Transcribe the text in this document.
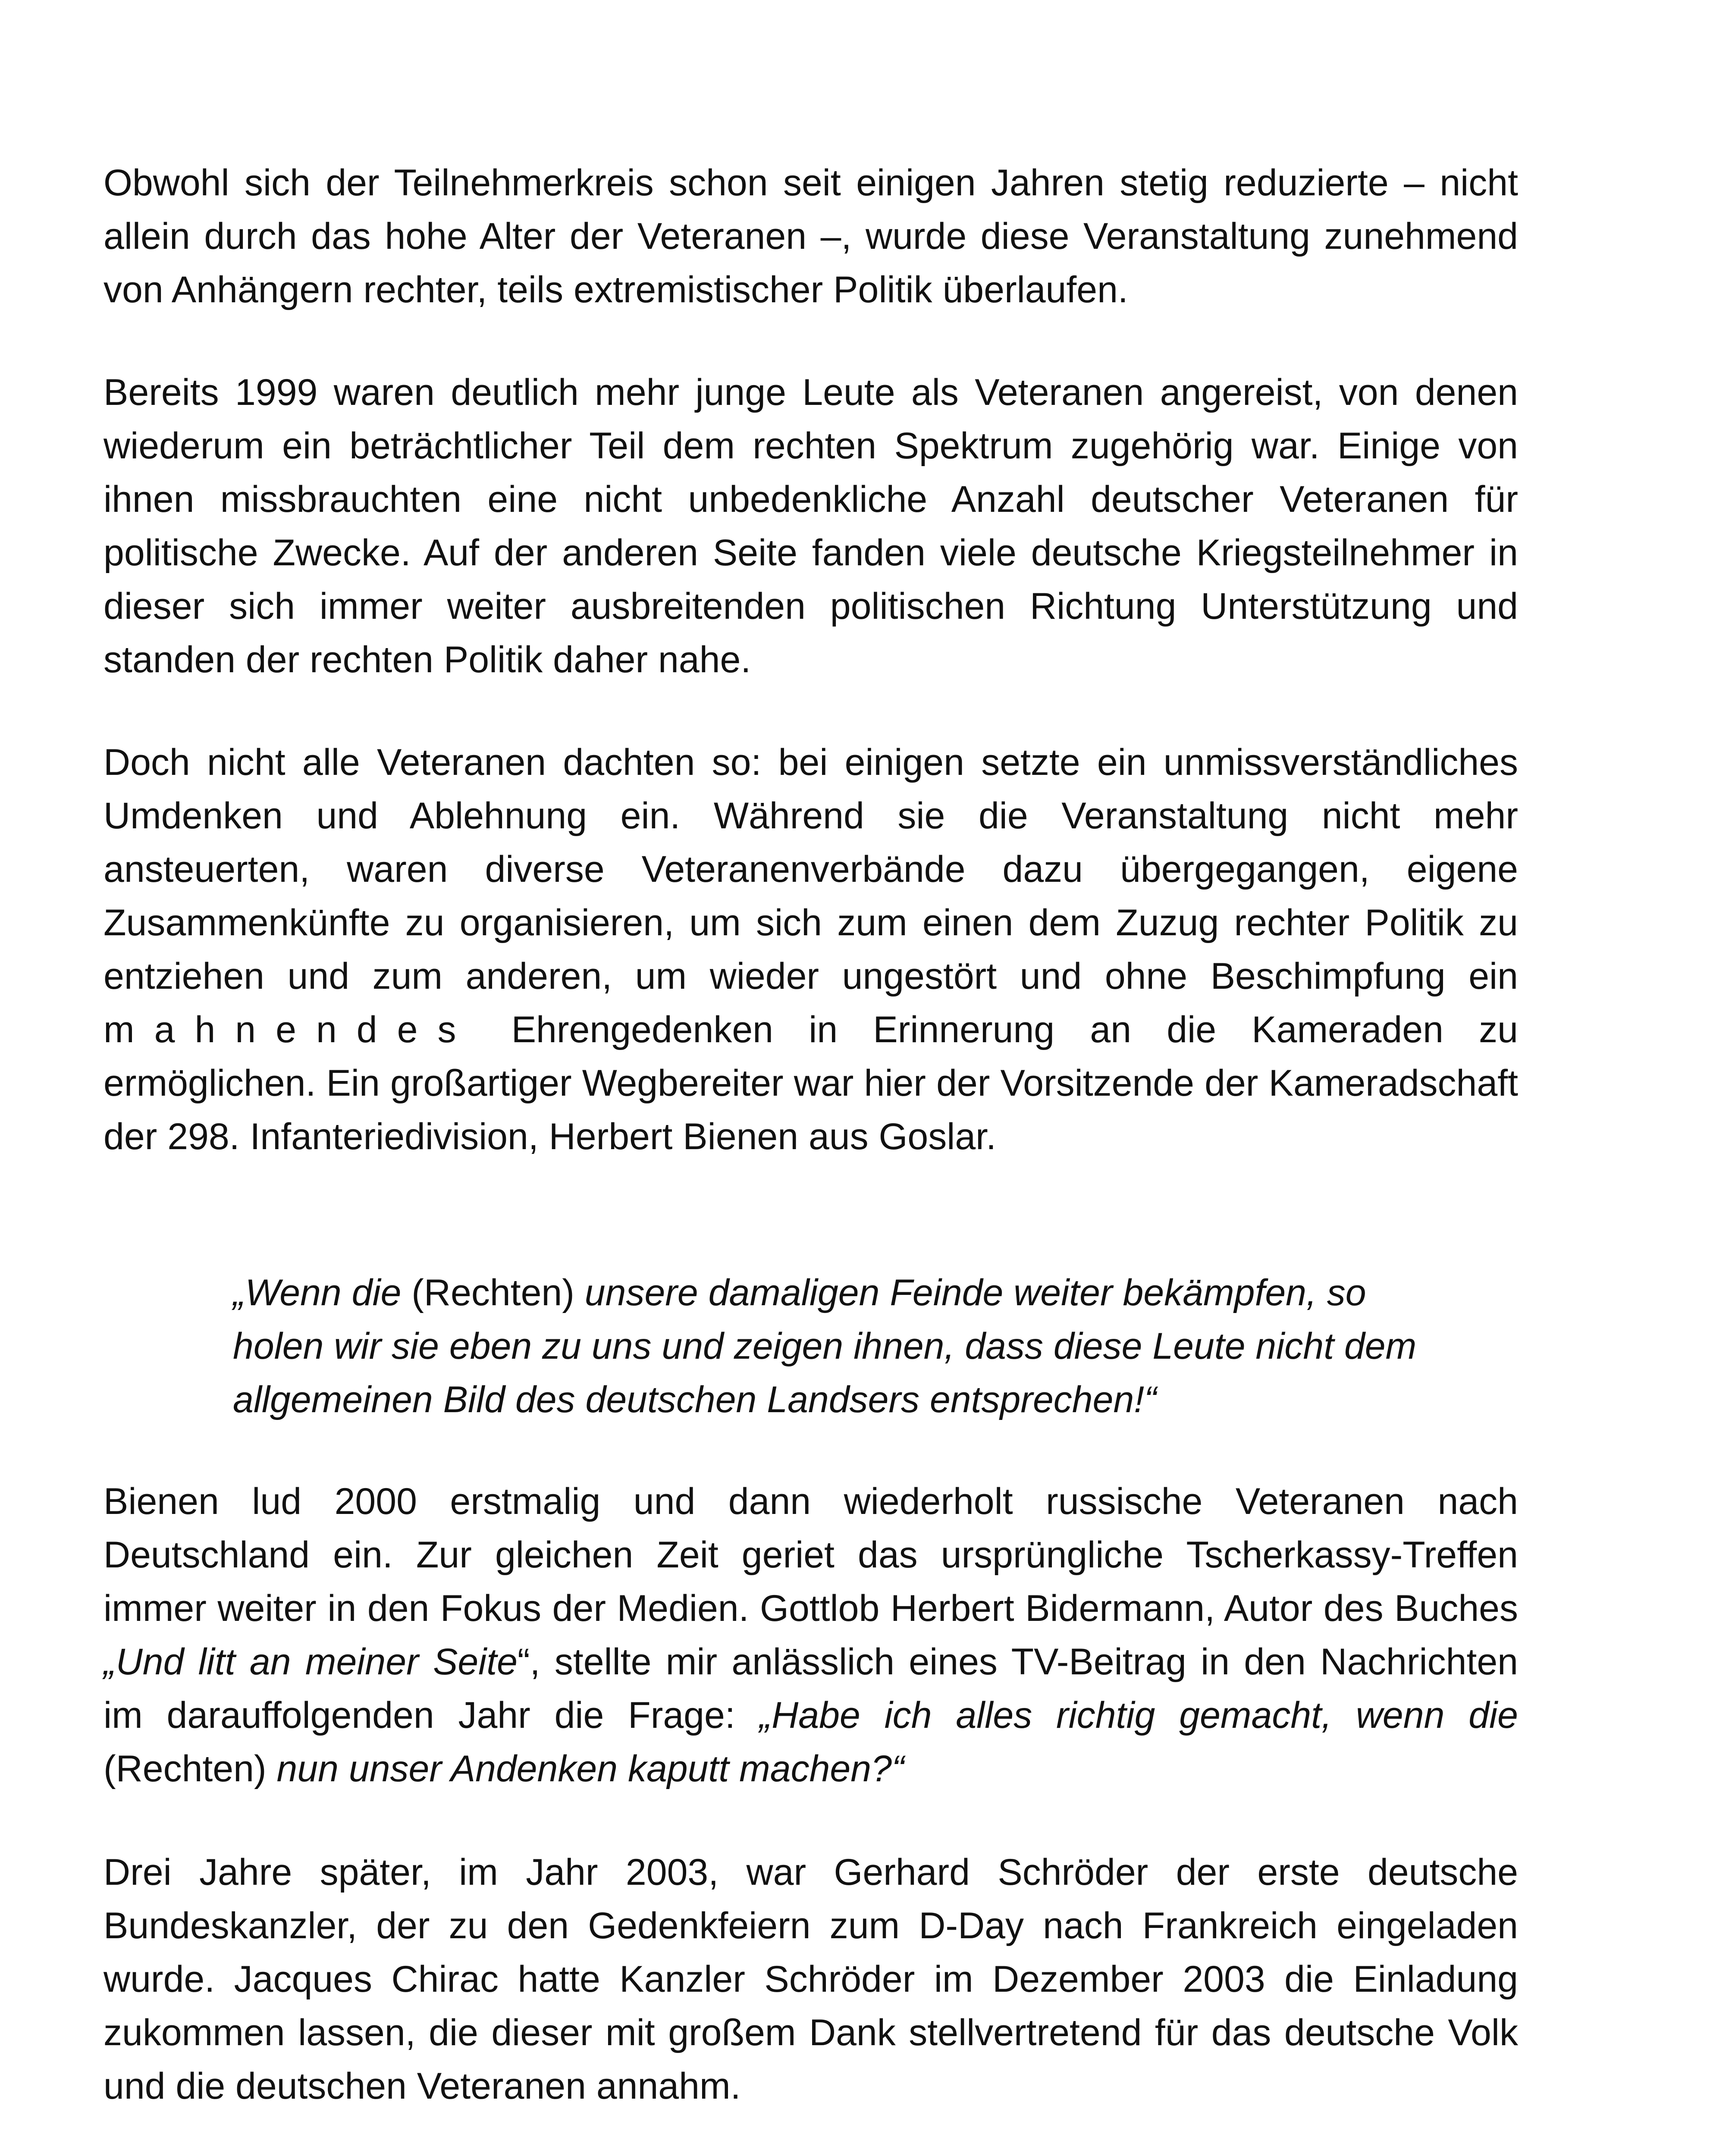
Obwohl sich der Teilnehmerkreis schon seit einigen Jahren stetig reduzierte – nicht allein durch das hohe Alter der Veteranen –, wurde diese Veranstaltung zunehmend von Anhängern rechter, teils extremistischer Politik überlaufen.

Bereits 1999 waren deutlich mehr junge Leute als Veteranen angereist, von denen wiederum ein beträchtlicher Teil dem rechten Spektrum zugehörig war. Einige von ihnen missbrauchten eine nicht unbedenkliche Anzahl deutscher Veteranen für politische Zwecke. Auf der anderen Seite fanden viele deutsche Kriegsteilnehmer in dieser sich immer weiter ausbreitenden politischen Richtung Unterstützung und standen der rechten Politik daher nahe.

Doch nicht alle Veteranen dachten so: bei einigen setzte ein unmissverständliches Umdenken und Ablehnung ein. Während sie die Veranstaltung nicht mehr ansteuerten, waren diverse Veteranenverbände dazu übergegangen, eigene Zusammenkünfte zu organisieren, um sich zum einen dem Zuzug rechter Politik zu entziehen und zum anderen, um wieder ungestört und ohne Beschimpfung ein mahnendes Ehrengedenken in Erinnerung an die Kameraden zu ermöglichen. Ein großartiger Wegbereiter war hier der Vorsitzende der Kameradschaft der 298. Infanteriedivision, Herbert Bienen aus Goslar.

„Wenn die (Rechten) unsere damaligen Feinde weiter bekämpfen, so holen wir sie eben zu uns und zeigen ihnen, dass diese Leute nicht dem allgemeinen Bild des deutschen Landsers entsprechen!“

Bienen lud 2000 erstmalig und dann wiederholt russische Veteranen nach Deutschland ein. Zur gleichen Zeit geriet das ursprüngliche Tscherkassy-Treffen immer weiter in den Fokus der Medien. Gottlob Herbert Bidermann, Autor des Buches „Und litt an meiner Seite“, stellte mir anlässlich eines TV-Beitrag in den Nachrichten im darauffolgenden Jahr die Frage: „Habe ich alles richtig gemacht, wenn die (Rechten) nun unser Andenken kaputt machen?“

Drei Jahre später, im Jahr 2003, war Gerhard Schröder der erste deutsche Bundeskanzler, der zu den Gedenkfeiern zum D-Day nach Frankreich eingeladen wurde. Jacques Chirac hatte Kanzler Schröder im Dezember 2003 die Einladung zukommen lassen, die dieser mit großem Dank stellvertretend für das deutsche Volk und die deutschen Veteranen annahm.
